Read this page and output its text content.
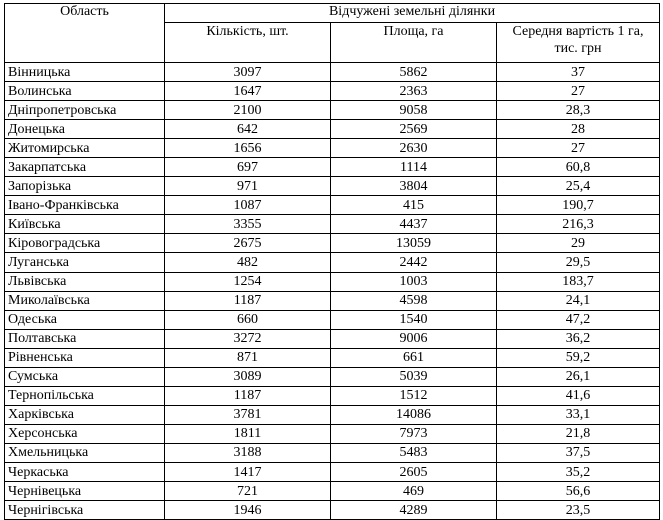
Область	Відчужені земельні ділянки		
	Кількість, шт.	Площа, га	Середня вартість 1 га, тис. грн
Вінницька	3097	5862	37
Волинська	1647	2363	27
Дніпропетровська	2100	9058	28,3
Донецька	642	2569	28
Житомирська	1656	2630	27
Закарпатська	697	1114	60,8
Запорізька	971	3804	25,4
Івано-Франківська	1087	415	190,7
Київська	3355	4437	216,3
Кіровоградська	2675	13059	29
Луганська	482	2442	29,5
Львівська	1254	1003	183,7
Миколаївська	1187	4598	24,1
Одеська	660	1540	47,2
Полтавська	3272	9006	36,2
Рівненська	871	661	59,2
Сумська	3089	5039	26,1
Тернопільська	1187	1512	41,6
Харківська	3781	14086	33,1
Херсонська	1811	7973	21,8
Хмельницька	3188	5483	37,5
Черкаська	1417	2605	35,2
Чернівецька	721	469	56,6
Чернігівська	1946	4289	23,5
